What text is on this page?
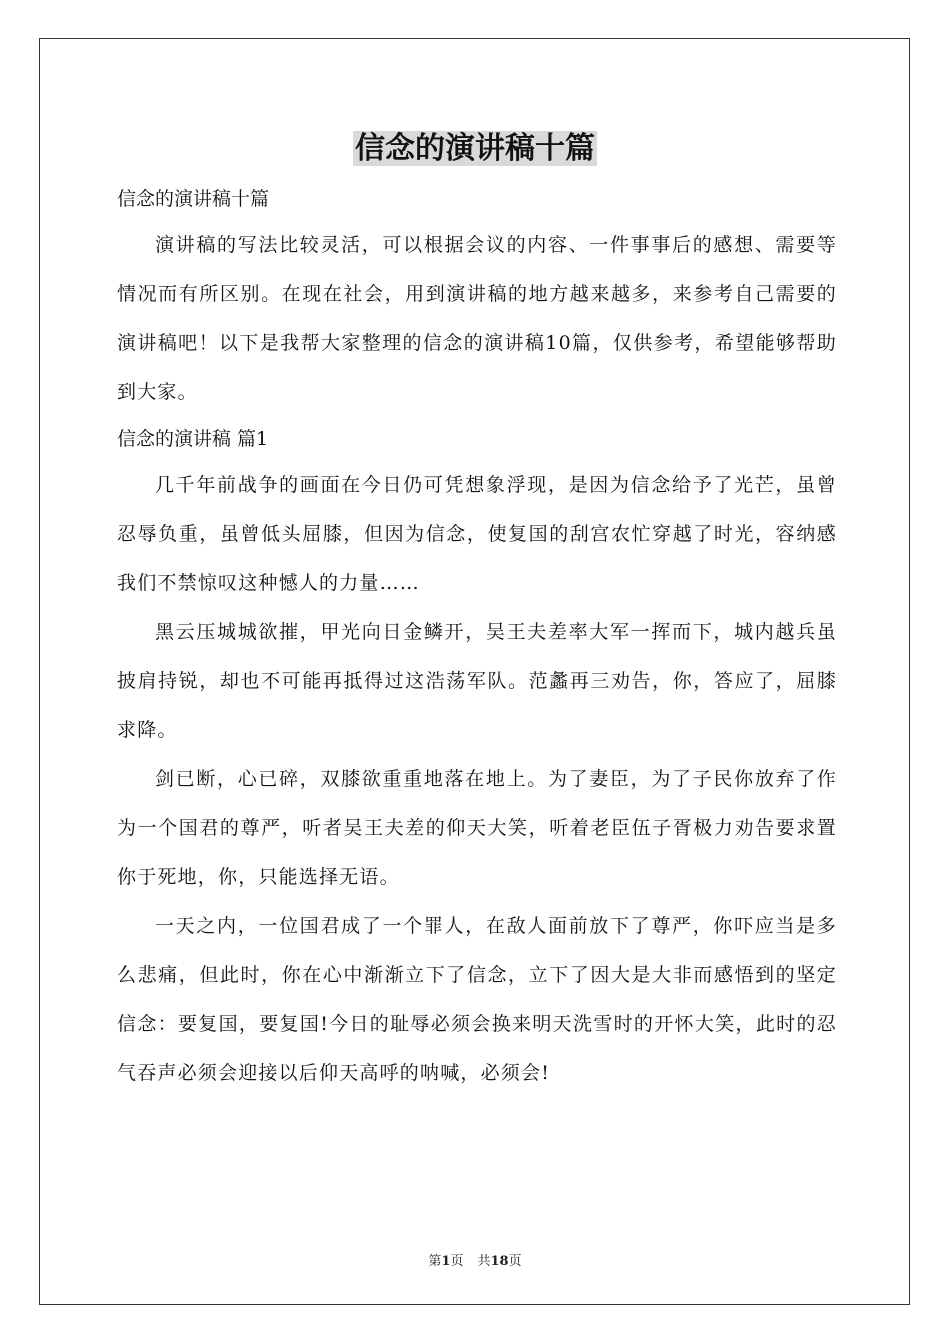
信念的演讲稿十篇

信念的演讲稿十篇

演讲稿的写法比较灵活，可以根据会议的内容、一件事事后的感想、需要等情况而有所区别。在现在社会，用到演讲稿的地方越来越多，来参考自己需要的演讲稿吧！以下是我帮大家整理的信念的演讲稿10篇，仅供参考，希望能够帮助到大家。

信念的演讲稿 篇1

几千年前战争的画面在今日仍可凭想象浮现，是因为信念给予了光芒，虽曾忍辱负重，虽曾低头屈膝，但因为信念，使复国的刮宫农忙穿越了时光，容纳感我们不禁惊叹这种憾人的力量……

黑云压城城欲摧，甲光向日金鳞开，吴王夫差率大军一挥而下，城内越兵虽披肩持锐，却也不可能再抵得过这浩荡军队。范蠡再三劝告，你，答应了，屈膝求降。

剑已断，心已碎，双膝欲重重地落在地上。为了妻臣，为了子民你放弃了作为一个国君的尊严，听者吴王夫差的仰天大笑，听着老臣伍子胥极力劝告要求置你于死地，你，只能选择无语。

一天之内，一位国君成了一个罪人，在敌人面前放下了尊严，你吓应当是多么悲痛，但此时，你在心中渐渐立下了信念，立下了因大是大非而感悟到的坚定信念：要复国，要复国!今日的耻辱必须会换来明天洗雪时的开怀大笑，此时的忍气吞声必须会迎接以后仰天高呼的呐喊，必须会!

第1页 共18页
